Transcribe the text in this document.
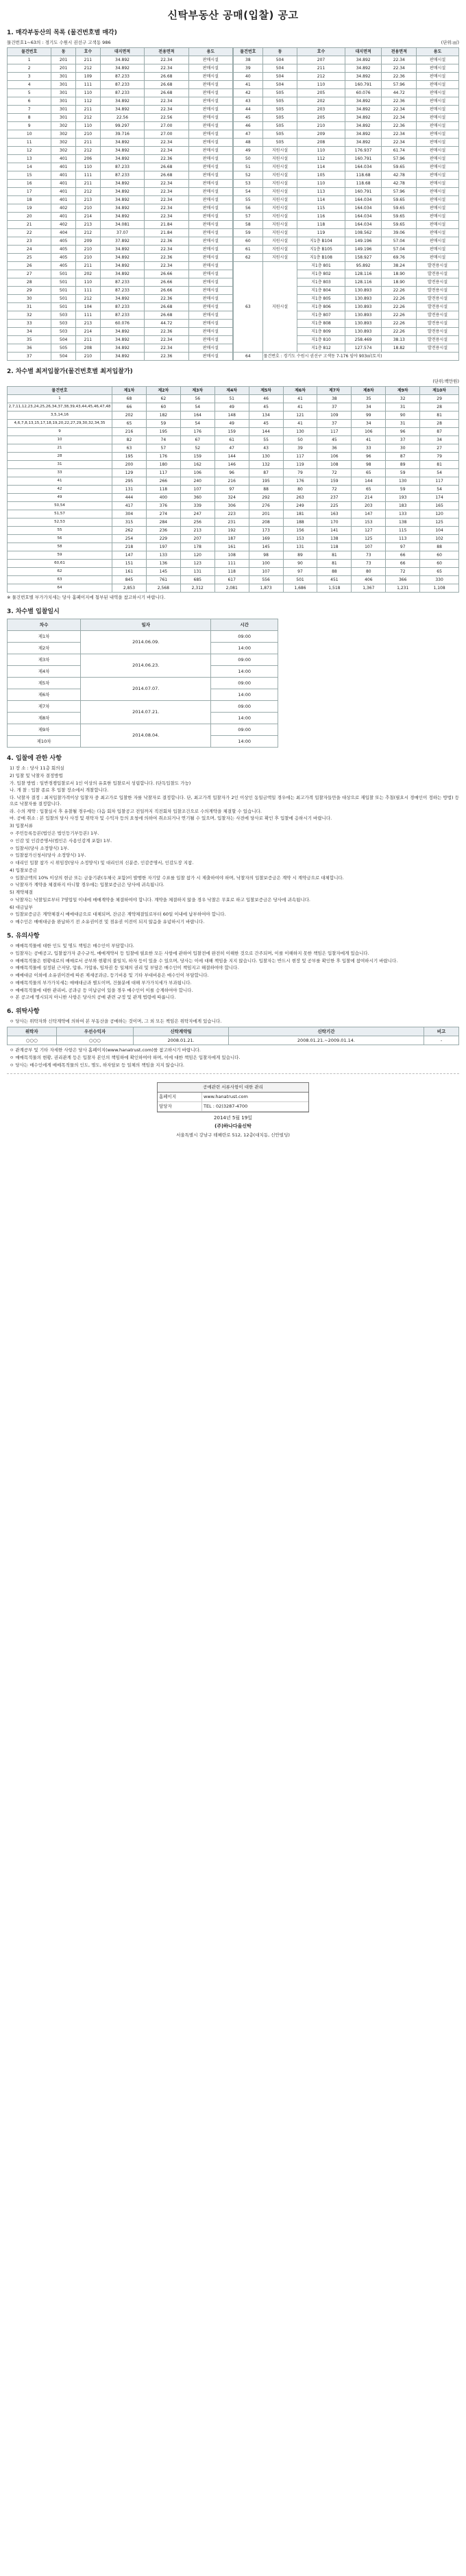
신탁부동산 공매(입찰) 공고
1. 매각부동산의 목록 (물건번호별 매각)
물건번호1~63의 : 경기도 수원시 권선구 고색동 986	(단위:㎡)
물건번호	동	호수	대지면적	전용면적	용도
1	201	211	34.892	22.34	판매시설
2	201	212	34.892	22.34	판매시설
3	301	109	87.233	26.68	판매시설
4	301	111	87.233	26.68	판매시설
5	301	110	87.233	26.68	판매시설
6	301	112	34.892	22.34	판매시설
7	301	211	34.892	22.34	판매시설
8	301	212	22.56	22.56	판매시설
9	302	110	99.297	27.00	판매시설
10	302	210	39.716	27.00	판매시설
11	302	211	34.892	22.34	판매시설
12	302	212	34.892	22.34	판매시설
13	401	206	34.892	22.36	판매시설
14	401	110	87.233	26.68	판매시설
15	401	111	87.233	26.68	판매시설
16	401	211	34.892	22.34	판매시설
17	401	212	34.892	22.34	판매시설
18	401	213	34.892	22.34	판매시설
19	402	210	34.892	22.34	판매시설
20	401	214	34.892	22.34	판매시설
21	402	213	34.081	21.84	판매시설
22	404	212	37.07	21.84	판매시설
23	405	209	37.892	22.36	판매시설
24	405	210	34.892	22.34	판매시설
25	405	210	34.892	22.36	판매시설
26	405	211	34.892	22.34	판매시설
27	501	202	34.892	26.66	판매시설
28	501	110	87.233	26.66	판매시설
29	501	111	87.233	26.66	판매시설
30	501	212	34.892	22.36	판매시설
31	501	104	87.233	26.68	판매시설
32	503	111	87.233	26.68	판매시설
33	503	213	60.076	44.72	판매시설
34	503	214	34.892	22.36	판매시설
35	504	211	34.892	22.34	판매시설
36	505	208	34.892	22.34	판매시설
37	504	210	34.892	22.36	판매시설
물건번호	동	호수	대지면적	전용면적	용도
38	504	207	34.892	22.34	판매시설
39	504	211	34.892	22.34	판매시설
40	504	212	34.892	22.36	판매시설
41	504	110	160.791	57.96	판매시설
42	505	205	60.076	44.72	판매시설
43	505	202	34.892	22.36	판매시설
44	505	203	34.892	22.34	판매시설
45	505	205	34.892	22.34	판매시설
46	505	210	34.892	22.36	판매시설
47	505	209	34.892	22.34	판매시설
48	505	208	34.892	22.34	판매시설
49	지원시설	110	176.937	61.74	판매시설
50	지원시설	112	160.791	57.96	판매시설
51	지원시설	114	164.034	59.65	판매시설
52	지원시설	105	118.68	42.78	판매시설
53	지원시설	110	118.68	42.78	판매시설
54	지원시설	113	160.791	57.96	판매시설
55	지원시설	114	164.034	59.65	판매시설
56	지원시설	115	164.034	59.65	판매시설
57	지원시설	116	164.034	59.65	판매시설
58	지원시설	118	164.034	59.65	판매시설
59	지원시설	119	108.562	39.06	판매시설
60	지원시설	지1층 B104	149.196	57.04	판매시설
61	지원시설	지1층 B105	149.196	57.04	판매시설
62	지원시설	지1층 B108	158.927	69.76	판매시설
63	지원시설	지1층 801	95.892	38.24	발전용시설
		지1층 802	128.116	18.90	발전용시설
		지1층 803	128.116	18.90	발전용시설
		지1층 804	130.893	22.26	발전용시설
		지1층 805	130.893	22.26	발전용시설
		지1층 806	130.893	22.26	발전용시설
		지1층 807	130.893	22.26	발전용시설
		지1층 808	130.893	22.26	발전용시설
		지1층 809	130.893	22.26	발전용시설
		지1층 810	258.469	38.13	발전용시설
		지1층 812	127.574	18.82	발전용시설
64	물건번호 : 경기도 수원시 권선구 고색동 7-176 임야 903㎡(토지)				
2. 차수별 최저입찰가(물건번호별 최저입찰가)
(단위:백만원)
물건번호	제1차	제2차	제3차	제4차	제5차	제6차	제7차	제8차	제9차	제10차
1	68	62	56	51	46	41	38	35	32	29
2,7,11,12,23,24,25,26,34,37,38,39,43,44,45,46,47,48	66	60	54	49	45	41	37	34	31	28
3,5,14,16	202	182	164	148	134	121	109	99	90	81
4,6,7,8,13,15,17,18,19,20,22,27,29,30,32,34,35	65	59	54	49	45	41	37	34	31	28
9	216	195	176	159	144	130	117	106	96	87
10	82	74	67	61	55	50	45	41	37	34
21	63	57	52	47	43	39	36	33	30	27
28	195	176	159	144	130	117	106	96	87	79
31	200	180	162	146	132	119	108	98	89	81
33	129	117	106	96	87	79	72	65	59	54
41	295	266	240	216	195	176	159	144	130	117
42	131	118	107	97	88	80	72	65	59	54
49	444	400	360	324	292	263	237	214	193	174
50,54	417	376	339	306	276	249	225	203	183	165
51,57	304	274	247	223	201	181	163	147	133	120
52,53	315	284	256	231	208	188	170	153	138	125
55	262	236	213	192	173	156	141	127	115	104
56	254	229	207	187	169	153	138	125	113	102
58	218	197	178	161	145	131	118	107	97	88
59	147	133	120	108	98	89	81	73	66	60
60,61	151	136	123	111	100	90	81	73	66	60
62	161	145	131	118	107	97	88	80	72	65
63	845	761	685	617	556	501	451	406	366	330
64	2,853	2,568	2,312	2,081	1,873	1,686	1,518	1,367	1,231	1,108
※ 물건번호별 부가가치세는 당사 홈페이지에 첨부된 내역을 참고하시기 바랍니다.
3. 차수별 입찰일시
차수	일자	시간
제1차	2014.06.09.	09:00
제2차		14:00
제3차	2014.06.23.	09:00
제4차		14:00
제5차	2014.07.07.	09:00
제6차		14:00
제7차	2014.07.21.	09:00
제8차		14:00
제9차	2014.08.04.	09:00
제10차		14:00
4. 입찰에 관한 사항

1) 장 소 : 당사 11층 회의실

2) 입찰 및 낙찰자 결정방법

가. 입찰 방법 : 일반경쟁입찰로서 1인 이상의 유효한 입찰로서 성립합니다. (단독입찰도 가능)

나. 개 찰 : 입찰 종료 후 입찰 장소에서 개찰합니다.

다. 낙찰자 결정 : 최저입찰가격이상 입찰자 중 최고가로 입찰한 자를 낙찰자로 결정합니다. 단, 최고가격 입찰자가 2인 이상인 동일금액일 경우에는 최고가격 입찰자들만을 대상으로 재입찰 또는 추첨(필요시 경매인이 정하는 방법) 등으로 낙찰자를 결정합니다.

라. 수의 계약 : 입찰실시 후 유찰될 경우에는 다음 회차 입찰공고 전일까지 직전회차 입찰조건으로 수의계약을 체결할 수 있습니다.

마. 공매 취소 : 본 입찰의 당사 사정 및 위탁자 및 수익자 등의 요청에 의하여 취소되거나 연기될 수 있으며, 입찰자는 사전에 당사로 확인 후 입찰에 응하시기 바랍니다.

3) 입찰서류

ㅇ 주민등록등본(법인은 법인등기부등본) 1부.

ㅇ 인감 및 인감증명서(법인은 사용인감계 포함) 1부.

ㅇ 입찰서(당사 소정양식) 1부.

ㅇ 입찰참가신청서(당사 소정양식) 1부.

ㅇ 대리인 입찰 참가 시 위임장(당사 소정양식) 및 대리인의 신분증, 인감증명서, 인감도장 지참.

4) 입찰보증금

ㅇ 입찰금액의 10% 이상의 현금 또는 금융기관(우체국 포함)이 발행한 자기앞 수표를 입찰 참가 시 제출하여야 하며, 낙찰자의 입찰보증금은 계약 시 계약금으로 대체합니다.

ㅇ 낙찰자가 계약을 체결하지 아니할 경우에는 입찰보증금은 당사에 귀속됩니다.

5) 계약체결

ㅇ 낙찰자는 낙찰일로부터 7영업일 이내에 매매계약을 체결하여야 합니다. 계약을 체결하지 않을 경우 낙찰은 무효로 하고 입찰보증금은 당사에 귀속됩니다.

6) 대금납부

ㅇ 입찰보증금은 계약체결시 매매대금으로 대체되며, 잔금은 계약체결일로부터 60일 이내에 납부하여야 합니다.

ㅇ 매수인은 매매대금을 완납하기 전 소유권이전 및 점유권 이전이 되지 않음을 유념하시기 바랍니다.

5. 유의사항

ㅇ 매매목적물에 대한 인도 및 명도 책임은 매수인이 부담합니다.

ㅇ 입찰자는 공매공고, 입찰참가자 준수규칙, 매매계약서 등 입찰에 필요한 모든 사항에 관하여 입찰전에 완전히 이해한 것으로 간주되며, 이를 이해하지 못한 책임은 입찰자에게 있습니다.

ㅇ 매매목적물은 현황대로의 매매로서 공부와 현황의 불일치, 하자 등이 있을 수 있으며, 당사는 이에 대해 책임을 지지 않습니다. 입찰자는 반드시 현장 및 공부를 확인한 후 입찰에 참여하시기 바랍니다.

ㅇ 매매목적물에 설정된 근저당, 압류, 가압류, 임차권 등 일체의 권리 및 부담은 매수인이 책임지고 해결하여야 합니다.

ㅇ 매매대금 이외에 소유권이전에 따른 제세공과금, 등기비용 및 기타 부대비용은 매수인이 부담합니다.

ㅇ 매매목적물의 부가가치세는 매매대금과 별도이며, 건물분에 대해 부가가치세가 부과됩니다.

ㅇ 매매목적물에 대한 관리비, 공과금 등 미납금이 있을 경우 매수인이 이를 승계하여야 합니다.

ㅇ 본 공고에 명시되지 아니한 사항은 당사의 공매 관련 규정 및 관계 법령에 따릅니다.

6. 위탁사항
ㅇ 당사는 위탁자와 신탁계약에 의하여 본 부동산을 공매하는 것이며, 그 외 모든 책임은 위탁자에게 있습니다.
위탁자	우선수익자	신탁계약일	신탁기간	비고
○○○	○○○	2008.01.21.	2008.01.21.~2009.01.14.	-

ㅇ 관계공부 및 기타 자세한 사항은 당사 홈페이지(www.hanatrust.com)를 참고하시기 바랍니다.

ㅇ 매매목적물의 현황, 권리관계 등은 입찰자 본인의 책임하에 확인하여야 하며, 이에 대한 책임은 입찰자에게 있습니다.

ㅇ 당사는 매수인에게 매매목적물의 인도, 명도, 하자담보 등 일체의 책임을 지지 않습니다.

공매관련 서류사항이 대한 관리
홈페이지	www.hanatrust.com
담당자	TEL : 02)3287-4700
2014년 5월 19일
(주)하나다올신탁
서울특별시 강남구 테헤란로 512, 12층(대치동, 신안빌딩)
